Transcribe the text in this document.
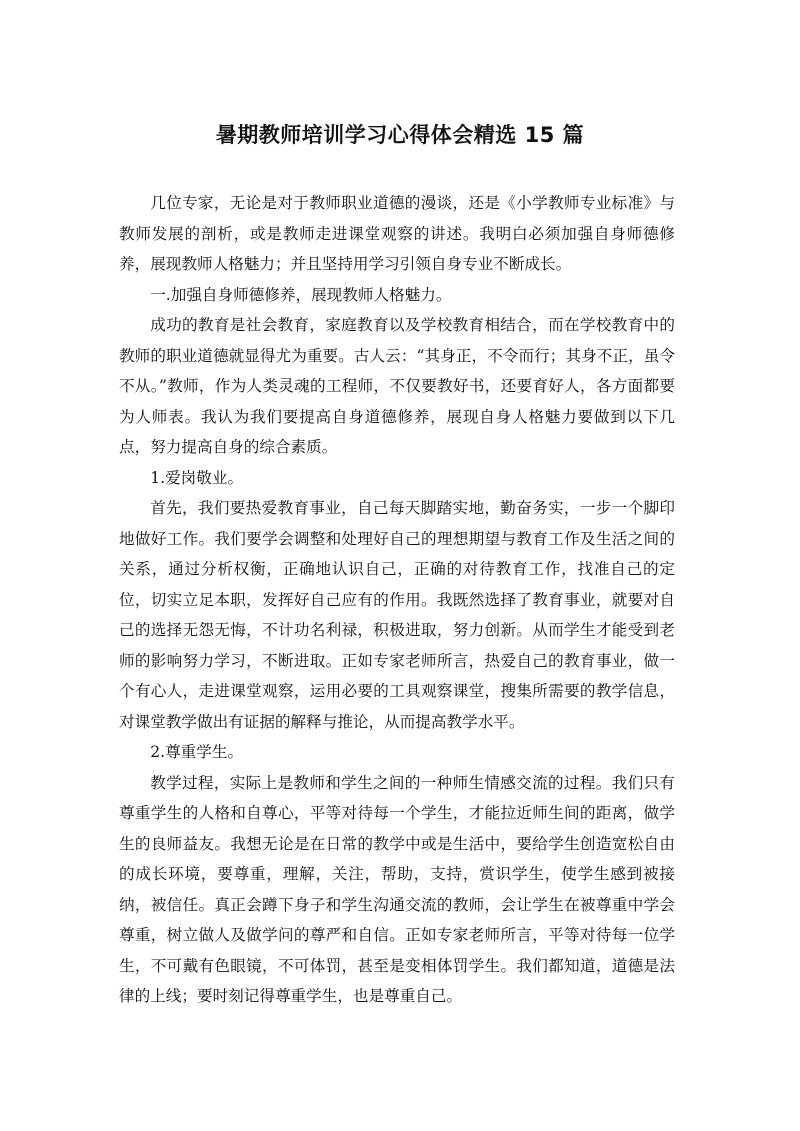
暑期教师培训学习心得体会精选 15 篇

几位专家，无论是对于教师职业道德的漫谈，还是《小学教师专业标准》与教师发展的剖析，或是教师走进课堂观察的讲述。我明白必须加强自身师德修养，展现教师人格魅力；并且坚持用学习引领自身专业不断成长。

一.加强自身师德修养，展现教师人格魅力。

成功的教育是社会教育，家庭教育以及学校教育相结合，而在学校教育中的教师的职业道德就显得尤为重要。古人云：“其身正，不令而行；其身不正，虽令不从。”教师，作为人类灵魂的工程师，不仅要教好书，还要育好人，各方面都要为人师表。我认为我们要提高自身道德修养，展现自身人格魅力要做到以下几点，努力提高自身的综合素质。

1.爱岗敬业。

首先，我们要热爱教育事业，自己每天脚踏实地，勤奋务实，一步一个脚印地做好工作。我们要学会调整和处理好自己的理想期望与教育工作及生活之间的关系，通过分析权衡，正确地认识自己，正确的对待教育工作，找准自己的定位，切实立足本职，发挥好自己应有的作用。我既然选择了教育事业，就要对自己的选择无怨无悔，不计功名利禄，积极进取，努力创新。从而学生才能受到老师的影响努力学习，不断进取。正如专家老师所言，热爱自己的教育事业，做一个有心人，走进课堂观察，运用必要的工具观察课堂，搜集所需要的教学信息，对课堂教学做出有证据的解释与推论，从而提高教学水平。

2.尊重学生。

教学过程，实际上是教师和学生之间的一种师生情感交流的过程。我们只有尊重学生的人格和自尊心，平等对待每一个学生，才能拉近师生间的距离，做学生的良师益友。我想无论是在日常的教学中或是生活中，要给学生创造宽松自由的成长环境，要尊重，理解，关注，帮助，支持，赏识学生，使学生感到被接纳，被信任。真正会蹲下身子和学生沟通交流的教师，会让学生在被尊重中学会尊重，树立做人及做学问的尊严和自信。正如专家老师所言，平等对待每一位学生，不可戴有色眼镜，不可体罚，甚至是变相体罚学生。我们都知道，道德是法律的上线；要时刻记得尊重学生，也是尊重自己。
